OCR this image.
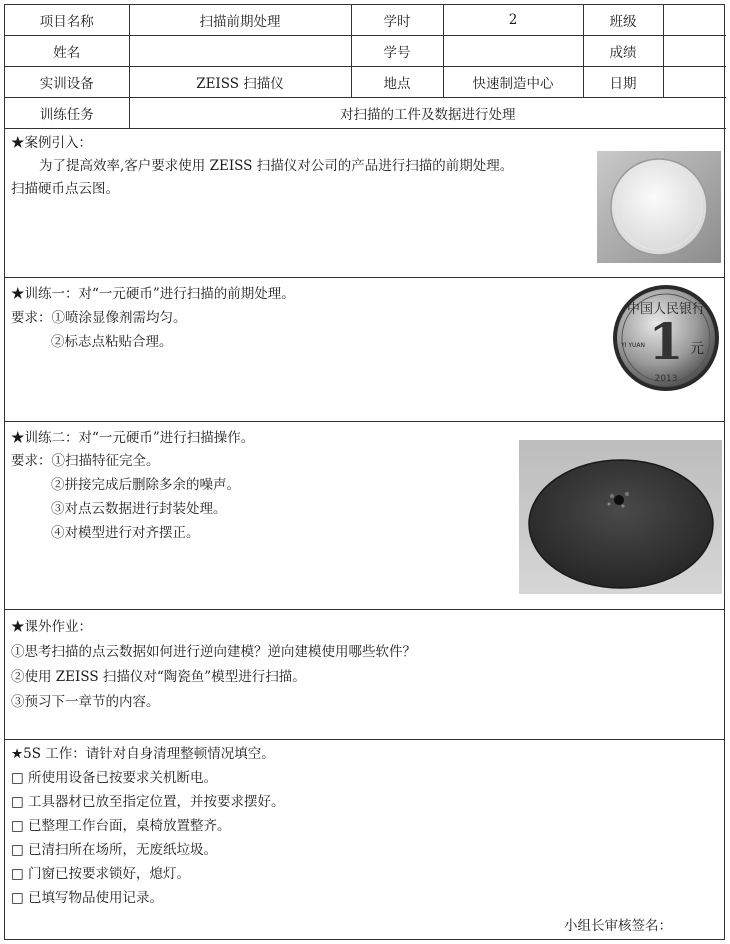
项目名称	扫描前期处理	学时	2	班级	
姓名		学号		成绩	
实训设备	ZEISS 扫描仪	地点	快速制造中心	日期	
训练任务	对扫描的工件及数据进行处理				
★案例引入：
为了提高效率,客户要求使用 ZEISS 扫描仪对公司的产品进行扫描的前期处理。
扫描硬币点云图。
★训练一：对“一元硬币”进行扫描的前期处理。
要求：①喷涂显像剂需均匀。
②标志点粘贴合理。
中国人民银行
1 元
YI YUAN
2013
★训练二：对“一元硬币”进行扫描操作。
要求：①扫描特征完全。
②拼接完成后删除多余的噪声。
③对点云数据进行封装处理。
④对模型进行对齐摆正。
★课外作业：
①思考扫描的点云数据如何进行逆向建模？逆向建模使用哪些软件？
②使用 ZEISS 扫描仪对“陶瓷鱼”模型进行扫描。
③预习下一章节的内容。
★5S 工作：请针对自身清理整顿情况填空。
□ 所使用设备已按要求关机断电。
□ 工具器材已放至指定位置，并按要求摆好。
□ 已整理工作台面，桌椅放置整齐。
□ 已清扫所在场所，无废纸垃圾。
□ 门窗已按要求锁好，熄灯。
□ 已填写物品使用记录。
小组长审核签名：
